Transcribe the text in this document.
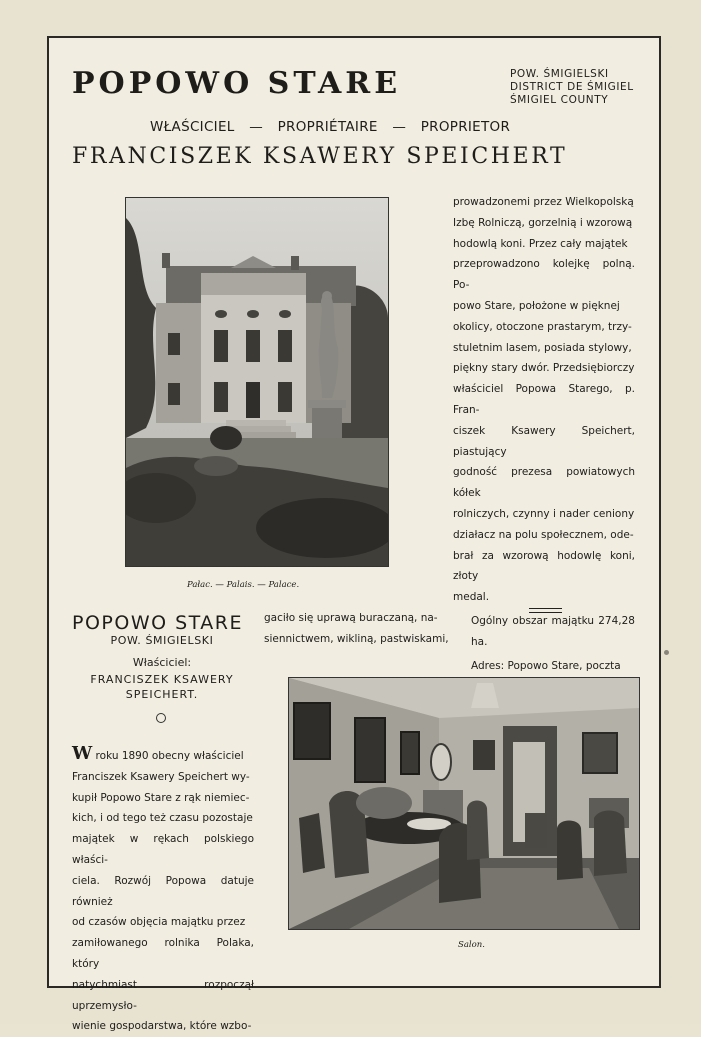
POPOWO STARE	POW. ŚMIGIELSKI
DISTRICT DE ŚMIGIEL
ŚMIGIEL COUNTY
WŁAŚCICIEL — PROPRIÉTAIRE — PROPRIETOR
FRANCISZEK KSAWERY SPEICHERT
Pałac. — Palais. — Palace.

prowadzonemi przez Wielkopolską

Izbę Rolniczą, gorzelnią i wzorową

hodowlą koni. Przez cały majątek

przeprowadzono kolejkę polną. Po-

powo Stare, położone w pięknej

okolicy, otoczone prastarym, trzy-

stuletnim lasem, posiada stylowy,

piękny stary dwór. Przedsiębiorczy

właściciel Popowa Starego, p. Fran-

ciszek Ksawery Speichert, piastujący

godność prezesa powiatowych kółek

rolniczych, czynny i nader ceniony

działacz na polu społecznem, ode-

brał za wzorową hodowlę koni, złoty

medal.

Ogólny obszar majątku 274,28 ha.

Adres: Popowo Stare, poczta

POPOWO STARE
POW. ŚMIGIELSKI
Właściciel:
FRANCISZEK KSAWERY
SPEICHERT.

W roku 1890 obecny właściciel

Franciszek Ksawery Speichert wy-

kupił Popowo Stare z rąk niemiec-

kich, i od tego też czasu pozostaje

majątek w rękach polskiego właści-

ciela. Rozwój Popowa datuje również

od czasów objęcia majątku przez

zamiłowanego rolnika Polaka, który

natychmiast rozpoczął uprzemysło-

wienie gospodarstwa, które wzbo-

gaciło się uprawą buraczaną, na-

siennictwem, wikliną, pastwiskami,

Salon.
